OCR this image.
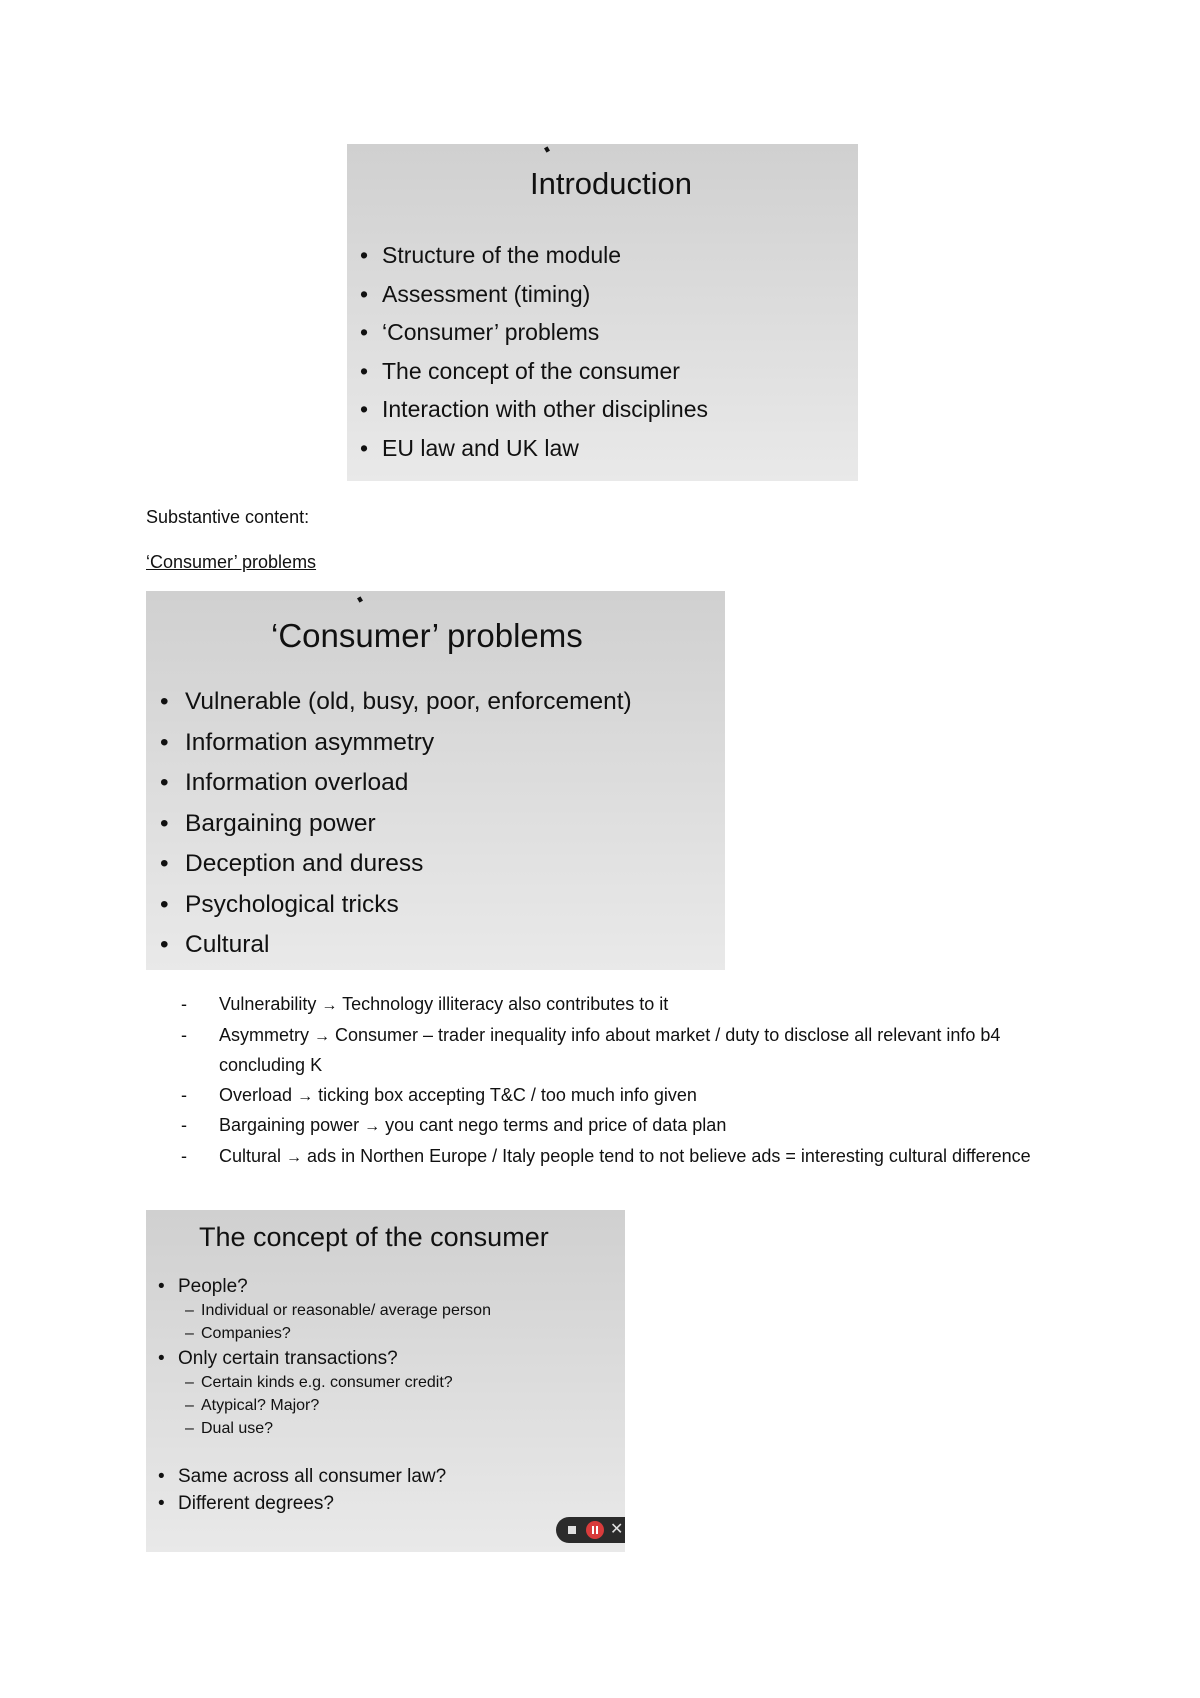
Introduction
• Structure of the module
• Assessment (timing)
• ‘Consumer’ problems
• The concept of the consumer
• Interaction with other disciplines
• EU law and UK law
Substantive content:
‘Consumer’ problems
‘Consumer’ problems
• Vulnerable (old, busy, poor, enforcement)
• Information asymmetry
• Information overload
• Bargaining power
• Deception and duress
• Psychological tricks
• Cultural
- Vulnerability → Technology illiteracy also contributes to it
- Asymmetry → Consumer – trader inequality info about market / duty to disclose all relevant info b4 concluding K
- Overload → ticking box accepting T&C / too much info given
- Bargaining power → you cant nego terms and price of data plan
- Cultural → ads in Northen Europe / Italy people tend to not believe ads = interesting cultural difference
The concept of the consumer
• People?
– Individual or reasonable/ average person
– Companies?
• Only certain transactions?
– Certain kinds e.g. consumer credit?
– Atypical? Major?
– Dual use?
• Same across all consumer law?
• Different degrees?
✕
